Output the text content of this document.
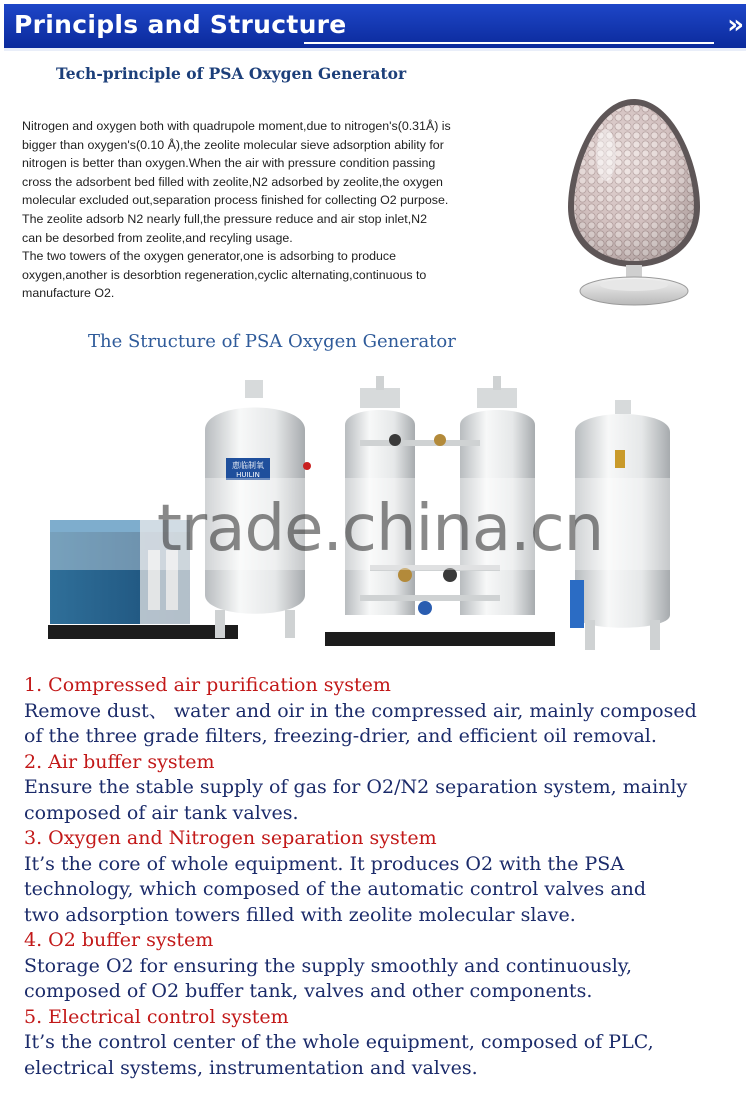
Principls and Structure	»
Tech-principle of PSA Oxygen Generator

Nitrogen and oxygen both with quadrupole moment,due to nitrogen's(0.31Å) is

bigger than oxygen's(0.10 Å),the zeolite molecular sieve adsorption ability for

nitrogen is better than oxygen.When the air with pressure condition passing

cross the adsorbent bed filled with zeolite,N2 adsorbed by zeolite,the oxygen

molecular excluded out,separation process finished for collecting O2 purpose.

The zeolite adsorb N2 nearly full,the pressure reduce and air stop inlet,N2

can be desorbed from zeolite,and recyling usage.

The two towers of the oxygen generator,one is adsorbing to produce

oxygen,another is desorbtion regeneration,cyclic alternating,continuous to

manufacture O2.

The Structure of PSA Oxygen Generator
惠临制氧
HUILIN
trade.china.cn

1. Compressed air purification system

Remove dust、 water and oir in the compressed air, mainly composed

of the three grade filters, freezing-drier, and efficient oil removal.

2. Air buffer system

Ensure the stable supply of gas for O2/N2 separation system, mainly

composed of air tank valves.

3. Oxygen and Nitrogen separation system

It’s the core of whole equipment. It produces O2 with the PSA

technology, which composed of the automatic control valves and

two adsorption towers filled with zeolite molecular slave.

4. O2 buffer system

Storage O2 for ensuring the supply smoothly and continuously,

composed of O2 buffer tank, valves and other components.

5. Electrical control system

It’s the control center of the whole equipment, composed of PLC,

electrical systems, instrumentation and valves.
